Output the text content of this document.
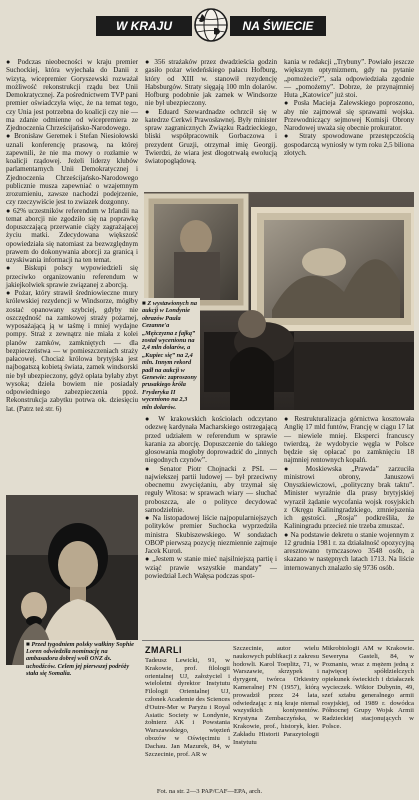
W KRAJU	NA ŚWIECIE

● Podczas nieobecności w kraju premier Suchockiej, która wyjechała do Danii z wizytą, wicepremier Goryszewski rozważał możliwość rekonstrukcji rządu bez Unii Demokratycznej. Za pośrednictwem TVP pani premier oświadczyła więc, że na temat tego, czy Unia jest potrzebna do koalicji czy nie — ma zdanie odmienne od wicepremiera ze Zjednoczenia Chrześcijańsko-Narodowego.

● Bronisław Geremek i Stefan Niesiołowski uznali konferencję prasową, na której zapewnili, że nie ma mowy o rozłamie w koalicji rządowej. Jeżeli liderzy klubów parlamentarnych Unii Demokratycznej i Zjednoczenia Chrześcijańsko-Narodowego publicznie musza zapewniać o wzajemnym zrozumieniu, zawsze nachodzi podejrzenie, czy rzeczywiście jest to zwiazek dozgonny.

● 62% uczestników referendum w Irlandii na temat aborcji nie zgodziło się na poprawkę dopuszczającą przerwanie ciąży zagrażającej życiu matki. Zdecydowana większość opowiedziała się natomiast za bezwzględnym prawem do dokonywania aborcji za granicą i uzyskiwania informacji na ten temat.

● Biskupi polscy wypowiedzieli się przeciwko organizowaniu referendum w jakiejkolwiek sprawie związanej z aborcją.

● Pożar, który strawił średniowieczne mury królewskiej rezydencji w Windsorze, mógłby zostać opanowany szybciej, gdyby nie oszczędność na zamkowej straży pożarnej, wyposażającą ją w taśmę i mniej wydajne pompy. Straż z zewnątrz nie miała z kolei planów zamków, zamkniętych — dla bezpieczeństwa — w pomieszczeniach straży pałacowej. Chociaż królowa brytyjska jest najbogatszą kobietą świata, zamek windsorski nie był ubezpieczony, gdyż opłata byłaby zbyt wysoka; dzieła bowiem nie posiadały odpowiedniego zabezpieczenia ppoż. Rekonstrukcja zabytku potrwa ok. dziesięciu lat. (Patrz też str. 6)

● 356 strażaków przez dwadzieścia godzin gasiło pożar wiedeńskiego pałacu Hofburg, który od XIII w. stanowił rezydencję Habsburgów. Straty sięgają 100 mln dolarów. Hofburg podobnie jak zamek w Windsorze nie był ubezpieczony.

● Eduard Szewardnadze ochrzcił się w katedrze Cerkwi Prawosławnej. Były minister spraw zagranicznych Związku Radzieckiego, bliski współpracownik Gorbaczowa i prezydent Gruzji, otrzymał imię Georgij. Twierdzi, że wiara jest dłogotrwałą ewolucją światopoglądową.

kania w redakcji „Trybuny”. Powiało jeszcze większym optymizmem, gdy na pytanie „pomożecie?”, sala odpowiedziała zgodnie — „pomożemy”. Dobrze, że przynajmniej Huta „Katowice” już stoi.

● Posła Macieja Zalewskiego poproszono, aby nie zajmował się sprawami wojska. Przewodniczący sejmowej Komisji Obrony Narodowej uważa się obecnie prokurator.

● Straty spowodowane przestępczością gospodarczą wyniosły w tym roku 2,5 biliona złotych.

■ Z wystawionych na aukcji w Londynie obrazów Paula Cezanne'a „Mężczyzna z fajką” został wycenionu na 2,4 mln dolarów, a „Kupiec się” na 2,4 mln. Innym rekord padł na aukcji w Genewie: zaproszony prusakiego króla Fryderyka II wyceniono na 2,3 mln dolarów.

● W krakowskich kościołach odczytano odezwę kardynała Macharskiego ostrzegającą przed udziałem w referendum w sprawie karania za aborcję. Dopuszczenie do takiego głosowania mogłoby doprowadzić do „innych niegodnych czynów”.

● Senator Piotr Chojnacki z PSL — najwiekszej partii ludowej — był przeciwny obecnemu zwyciężaniu, aby trzymał się reguły Witosa: w sprawach wiary — słuchać proboszcza, ale o polityce decydować samodzielnie.

● Na listopadowej liście najpopularniejszych polityków premier Suchocka wyprzedziła ministra Skubiszewskiego. W sondażach OBOP pierwszą pozycję niezmiennie zajmuje Jacek Kuroń.

● „Jestem w stanie mieć najsilniejszą partię i wziąć prawie wszystkie mandaty” — powiedział Lech Wałęsa podczas spot-

● Restrukturalizacja górnictwa kosztowała Anglię 17 mld funtów, Francję w ciągu 17 lat — niewiele mniej. Eksperci francuscy twierdzą, że wydobycie węgla w Polsce będzie się opłacać po zamknięciu 18 najmniej rentownych kopalń.

● Moskiewska „Prawda” zarzuciła ministrowi obrony, Januszowi Onyszkiewiczowi, „polityczny brak taktu”. Minister wyraźnie dla prasy brytyjskiej wyraził żądanie wycofania wojsk rosyjskich z Okręgu Kaliningradzkiego, zmniejszenia ich gęstości. „Rosja” podkreśliła, że Kaliningradu przecież nie trzeba zmuszać.

● Na podstawie dekretu o stanie wojennym z 12 grudnia 1981 r. za działalność opozycyjną aresztowano tymczasowo 3548 osób, a skazano w następnych latach 1713. Na liście internowanych znalazło się 9736 osób.

■ Przed tygodniem polsky wałkiny Sophie Loren odwiedziła nominację na ambasadora dobrej woli ONZ ds. uchodźców. Celem jej pierwszej podróży stała się Somalia.
ZMARLI
Tadeusz Lewicki, 91, w Krakowie, prof. filologii orientalnej UJ, założyciel i wieloletni dyrektor Instytutu Filologii Orientalnej UJ, członek Academie des Sciences d'Outre-Mer w Paryżu i Royal Asiatic Society w Londynie, żołnierz AK i Powstania Warszawskiego, więzień obozów w Oświęcimiu i Dachau. Jan Mazurek, 84, w Szczecinie, prof. AR w
Szczecinie, autor wielu naukowych publikacji z zakresu hodowli. Karol Toeplitz, 71, w Warszawie, skrzypek i dyrygent, twórca Orkiestry Kameralnej FN (1957), którą prowadził przez 24 lata, odwiedzając z nią kraje niemal wszystkich kontynentów. Krystyna Zembaczyńska, w Krakowie, prof., historyk, kier. Zakładu Historii Parazytologii Instytutu
Mikrobiologii AM w Krakowie. Seweryna Gasteli, 84, w Poznaniu, wraz z mężem jedną z najwięcej spółdzielczych opiekunek świeckich i działaczek wycieczek. Wiktor Dubynin, 49, szef sztabu generalnego armii rosyjskiej, od 1989 r. dowódca Północnej Grupy Wojsk Armii Radzieckiej stacjonujących w Polsce.
Fot. na str. 2—3 PAP/CAF—EPA, arch.
